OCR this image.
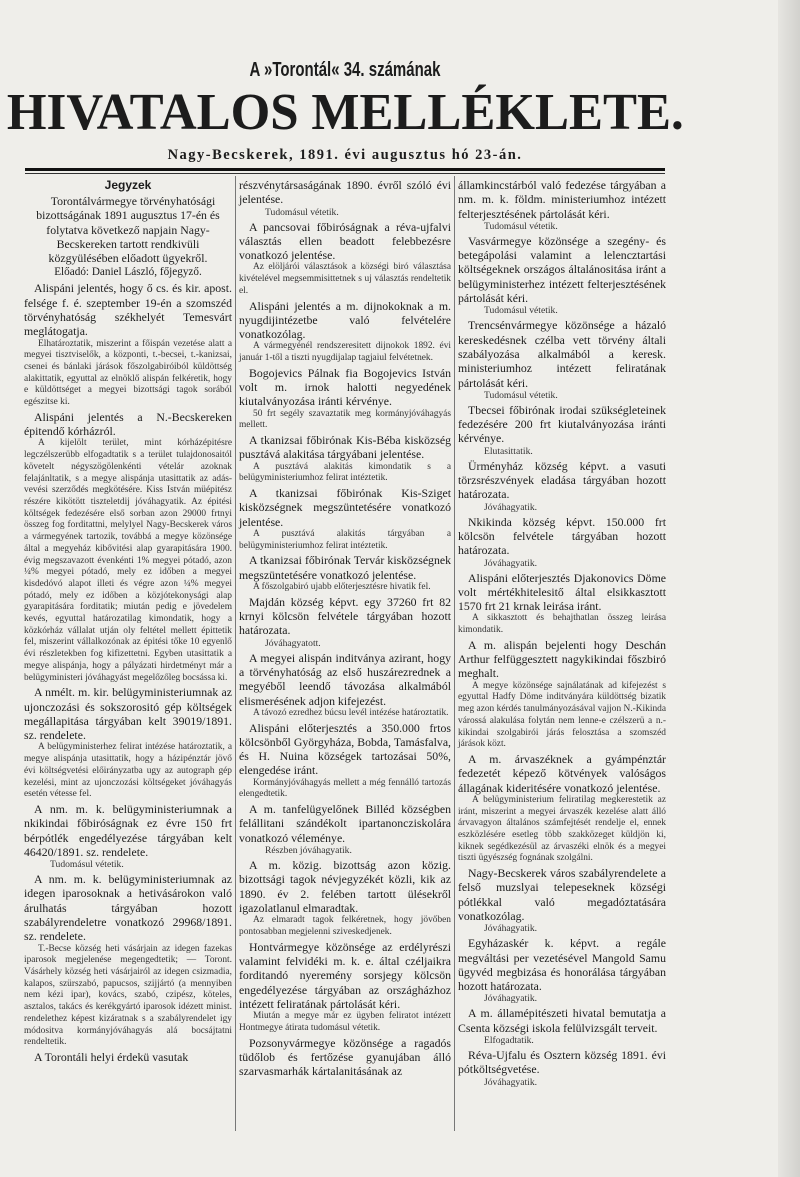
A »Torontál« 34. számának
HIVATALOS MELLÉKLETE.
Nagy-Becskerek, 1891. évi augusztus hó 23-án.

Jegyzek

Torontálvármegye törvényhatósági bizottságának 1891 augusztus 17-én és folytatva következő napjain Nagy-Becskereken tartott rendkivüli közgyülésében előadott ügyekről.

Előadó: Daniel László, főjegyző.

Alispáni jelentés, hogy ő cs. és kir. apost. felsége f. é. szeptember 19-én a szomszéd törvényhatóság székhelyét Temesvárt meglátogatja.

Elhatároztatik, miszerint a főispán vezetése alatt a megyei tisztviselők, a központi, t.-becsei, t.-kanizsai, csenei és bánlaki járások főszolgabiróiból küldöttség alakittatik, egyuttal az elnöklő alispán felkéretik, hogy e küldöttséget a megyei bizottsági tagok sorából egészitse ki.

Alispáni jelentés a N.-Becskereken épitendő kórházról.

A kijelölt terület, mint kórházépitésre legczélszerübb elfogadtatik s a terület tulajdonosaitól követelt négyszögölenkénti vételár azoknak felajánltatik, s a megye alispánja utasittatik az adás-vevési szerződés megkötésére. Kiss István müépitész részére kikötött tiszteletdij jóváhagyatik. Az épitési költségek fedezésére első sorban azon 29000 frtnyi összeg fog forditattni, melylyel Nagy-Becskerek város a vármegyének tartozik, továbbá a megye közönsége által a megyeház kibővitési alap gyarapitására 1900. évig megszavazott évenkénti 1% megyei pótadó, azon ¼% megyei pótadó, mely ez időben a megyei kisdedóvó alapot illeti és végre azon ¼% megyei pótadó, mely ez időben a közjótekonysági alap gyarapitására forditatik; miután pedig e jövedelem kevés, egyuttal határozatilag kimondatik, hogy a közkórház vállalat utján oly feltétel mellett épittetik fel, miszerint vállalkozónak az épitési tőke 10 egyenlő évi részletekben fog kifizettetni. Egyben utasittatik a megye alispánja, hogy a pályázati hirdetményt már a belügyministeri jóváhagyást megelőzőleg bocsássa ki.

A nmélt. m. kir. belügyministeriumnak az ujonczozási és sokszorositó gép költségek megállapitása tárgyában kelt 39019/1891. sz. rendelete.

A belügyministerhez felirat intézése határoztatik, a megye alispánja utasittatik, hogy a házipénztár jövő évi költségvetési előirányzatba ugy az autograph gép kezelési, mint az ujonczozási költségeket jóváhagyás esetén vétesse fel.

A nm. m. k. belügyministeriumnak a nkikindai főbiróságnak ez évre 150 frt bérpótlék engedélyezése tárgyában kelt 46420/1891. sz. rendelete.

Tudomásul vétetik.

A nm. m. k. belügyministeriumnak az idegen iparosoknak a hetivásárokon való árulhatás tárgyában hozott szabályrendeletre vonatkozó 29968/1891. sz. rendelete.

T.-Becse község heti vásárjain az idegen fazekas iparosok megjelenése megengedtetik; — Toront. Vásárhely község heti vásárjairól az idegen csizmadia, kalapos, szürszabó, papucsos, szijjártó (a mennyiben nem kézi ipar), kovács, szabó, czipész, köteles, asztalos, takács és kerékgyártó iparosok idézett minist. rendelethez képest kizáratnak s a szabályrendelet igy módositva kormányjóváhagyás alá bocsájtatni rendeltetik.

A Torontáli helyi érdekü vasutak

részvénytársaságának 1890. évről szóló évi jelentése.

Tudomásul vétetik.

A pancsovai főbiróságnak a réva-ujfalvi választás ellen beadott felebbezésre vonatkozó jelentése.

Az elöljárói választások a községi biró választása kivételével megsemmisittetnek s uj választás rendeltetik el.

Alispáni jelentés a m. dijnokoknak a m. nyugdijintézetbe való felvételére vonatkozólag.

A vármegyénél rendszeresitett dijnokok 1892. évi január 1-től a tiszti nyugdijalap tagjaiul felvétetnek.

Bogojevics Pálnak fia Bogojevics István volt m. irnok halotti negyedének kiutalványozása iránti kérvénye.

50 frt segély szavaztatik meg kormányjóváhagyás mellett.

A tkanizsai főbirónak Kis-Béba kisközség pusztává alakitása tárgyábani jelentése.

A pusztává alakitás kimondatik s a belügyministeriumhoz felirat intéztetik.

A tkanizsai főbirónak Kis-Sziget kisközségnek megszüntetésére vonatkozó jelentése.

A pusztává alakitás tárgyában a belügyministeriumhoz felirat intéztetik.

A tkanizsai főbirónak Tervár kisközségnek megszüntetésére vonatkozó jelentése.

A főszolgabiró ujabb előterjesztésre hivatik fel.

Majdán község képvt. egy 37260 frt 82 krnyi kölcsön felvétele tárgyában hozott határozata.

Jóváhagyatott.

A megyei alispán inditványa azirant, hogy a törvényhatóság az első huszárezrednek a megyéből leendő távozása alkalmából elismerésének adjon kifejezést.

A távozó ezredhez búcsu levél intézése határoztatik.

Alispáni előterjesztés a 350.000 frtos kölcsönből Györgyháza, Bobda, Tamásfalva, és H. Nuina községek tartozásai 50%, elengedése iránt.

Kormányjóváhagyás mellett a még fennálló tartozás elengedtetik.

A m. tanfelügyelőnek Billéd községben felállitani szándékolt ipartanoncziskolára vonatkozó véleménye.

Részben jóváhagyatik.

A m. közig. bizottság azon közig. bizottsági tagok névjegyzékét közli, kik az 1890. év 2. felében tartott ülésekről igazolatlanul elmaradtak.

Az elmaradt tagok felkéretnek, hogy jövőben pontosabban megjelenni sziveskedjenek.

Hontvármegye közönsége az erdélyrészi valamint felvidéki m. k. e. által czéljaikra forditandó nyeremény sorsjegy kölcsön engedélyezése tárgyában az országházhoz intézett feliratának pártolását kéri.

Miután a megye már ez ügyben feliratot intézett Hontmegye átirata tudomásul vétetik.

Pozsonyvármegye közönsége a ragadós tüdőlob és fertőzése gyanujában álló szarvasmarhák kártalanitásának az

államkincstárból való fedezése tárgyában a nm. m. k. földm. ministeriumhoz intézett felterjesztésének pártolását kéri.

Tudomásul vétetik.

Vasvármegye közönsége a szegény- és betegápolási valamint a lelencztartási költségeknek országos általánositása iránt a belügyministerhez intézett felterjesztésének pártolását kéri.

Tudomásul vétetik.

Trencsénvármegye közönsége a házaló kereskedésnek czélba vett törvény általi szabályozása alkalmából a keresk. ministeriumhoz intézett feliratának pártolását kéri.

Tudomásul vétetik.

Tbecsei főbirónak irodai szükségleteinek fedezésére 200 frt kiutalványozása iránti kérvénye.

Elutasittatik.

Ürményház község képvt. a vasuti törzsrészvények eladása tárgyában hozott határozata.

Jóváhagyatik.

Nkikinda község képvt. 150.000 frt kölcsön felvétele tárgyában hozott határozata.

Jóváhagyatik.

Alispáni előterjesztés Djakonovics Döme volt mértékhitelesitő által elsikkasztott 1570 frt 21 krnak leirása iránt.

A sikkasztott és behajthatlan összeg leirása kimondatik.

A m. alispán bejelenti hogy Deschán Arthur felfüggesztett nagykikindai főszbiró meghalt.

A megye közönsége sajnálatának ad kifejezést s egyuttal Hadfy Döme inditványára küldöttség bizatik meg azon kérdés tanulmányozásával vajjon N.-Kikinda várossá alakulása folytán nem lenne-e czélszerü a n.-kikindai szolgabirói járás felosztása a szomszéd járások közt.

A m. árvaszéknek a gyámpénztár fedezetét képező kötvények valóságos állagának kideritésére vonatkozó jelentése.

A belügyministerium feliratilag megkerestetik az iránt, miszerint a megyei árvaszék kezelése alatt álló árvavagyon általános számfejtését rendelje el, ennek eszközlésére esetleg több szakközeget küldjön ki, kiknek segédkezésül az árvaszéki elnök és a megyei tiszti ügyészség fognának szolgálni.

Nagy-Becskerek város szabályrendelete a felső muzslyai telepeseknek községi pótlékkal való megadóztatására vonatkozólag.

Jóváhagyatik.

Egyházaskér k. képvt. a regále megváltási per vezetésével Mangold Samu ügyvéd megbizása és honorálása tárgyában hozott határozata.

Jóváhagyatik.

A m. államépitészeti hivatal bemutatja a Csenta községi iskola felülvizsgált terveit.

Elfogadtatik.

Réva-Ujfalu és Osztern község 1891. évi pótköltségvetése.

Jóváhagyatik.
